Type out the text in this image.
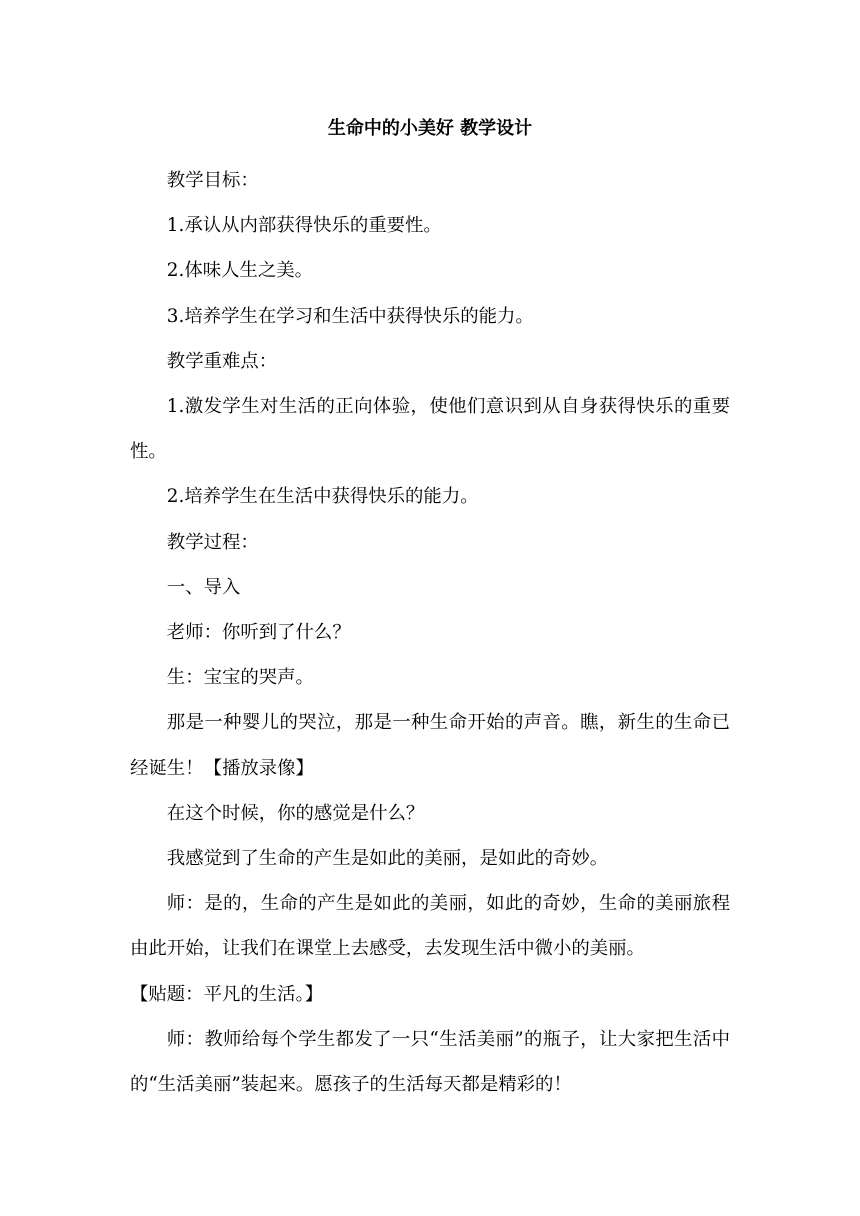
生命中的小美好 教学设计

教学目标：

1.承认从内部获得快乐的重要性。

2.体味人生之美。

3.培养学生在学习和生活中获得快乐的能力。

教学重难点：

1.激发学生对生活的正向体验，使他们意识到从自身获得快乐的重要性。

2.培养学生在生活中获得快乐的能力。

教学过程：

一、导入

老师：你听到了什么？

生：宝宝的哭声。

那是一种婴儿的哭泣，那是一种生命开始的声音。瞧，新生的生命已经诞生！【播放录像】

在这个时候，你的感觉是什么？

我感觉到了生命的产生是如此的美丽，是如此的奇妙。

师：是的，生命的产生是如此的美丽，如此的奇妙，生命的美丽旅程由此开始，让我们在课堂上去感受，去发现生活中微小的美丽。

【贴题：平凡的生活。】

师：教师给每个学生都发了一只“生活美丽”的瓶子，让大家把生活中的“生活美丽”装起来。愿孩子的生活每天都是精彩的！
